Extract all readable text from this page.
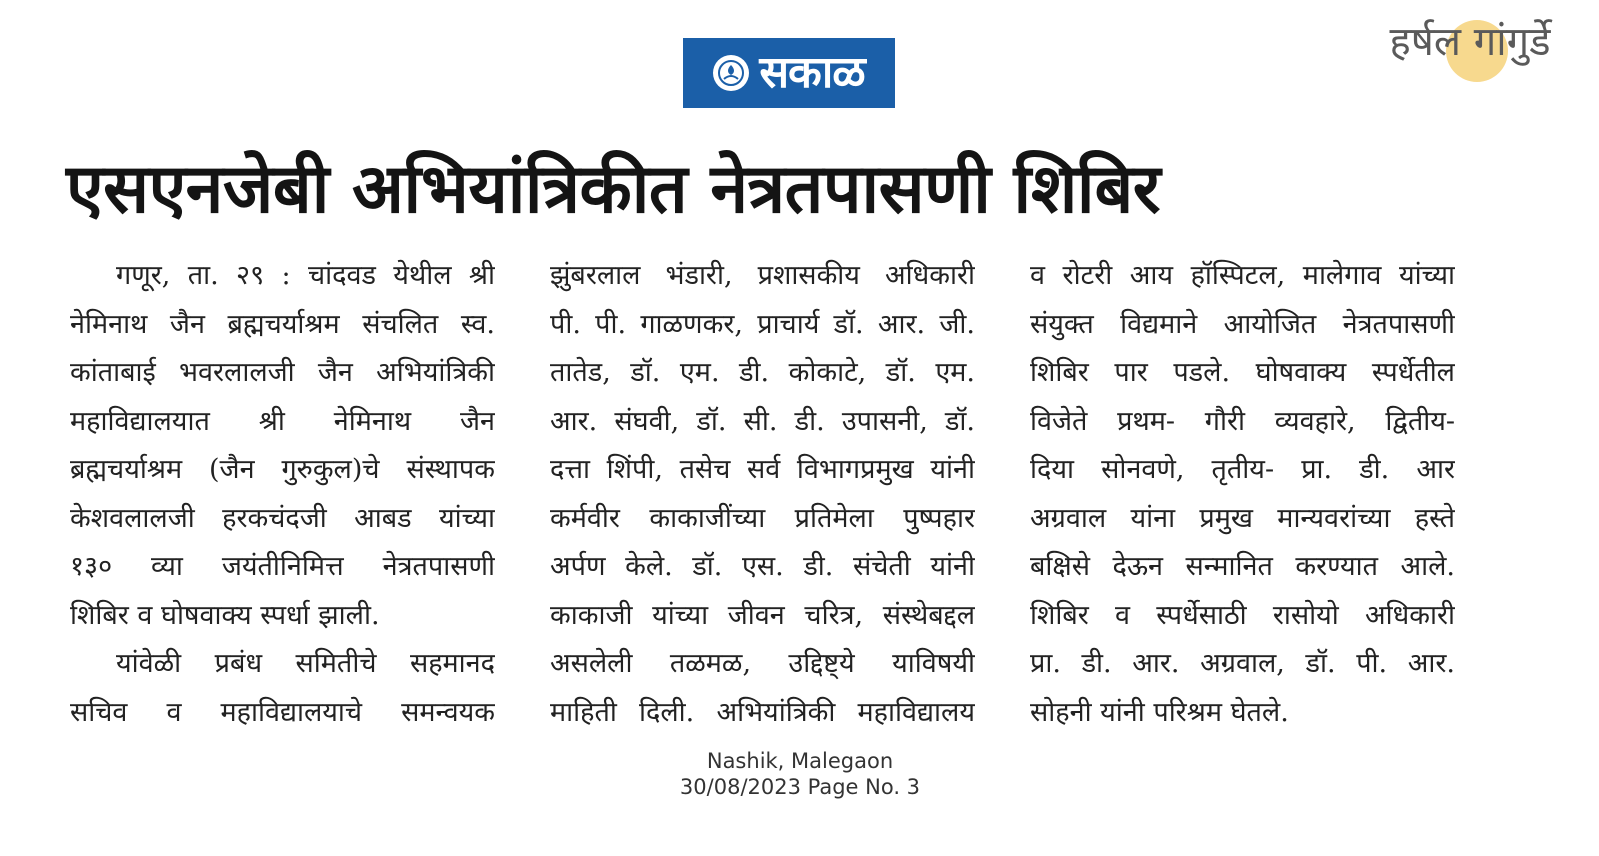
सकाळ
हर्षल गांगुर्डे
एसएनजेबी अभियांत्रिकीत नेत्रतपासणी शिबिर
गणूर, ता. २९ : चांदवड येथील श्री
नेमिनाथ जैन ब्रह्मचर्याश्रम संचलित स्व.
कांताबाई भवरलालजी जैन अभियांत्रिकी
महाविद्यालयात श्री नेमिनाथ जैन
ब्रह्मचर्याश्रम (जैन गुरुकुल)चे संस्थापक
केशवलालजी हरकचंदजी आबड यांच्या
१३० व्या जयंतीनिमित्त नेत्रतपासणी
शिबिर व घोषवाक्य स्पर्धा झाली.
यांवेळी प्रबंध समितीचे सहमानद
सचिव व महाविद्यालयाचे समन्वयक
झुंबरलाल भंडारी, प्रशासकीय अधिकारी
पी. पी. गाळणकर, प्राचार्य डॉ. आर. जी.
तातेड, डॉ. एम. डी. कोकाटे, डॉ. एम.
आर. संघवी, डॉ. सी. डी. उपासनी, डॉ.
दत्ता शिंपी, तसेच सर्व विभागप्रमुख यांनी
कर्मवीर काकाजींच्या प्रतिमेला पुष्पहार
अर्पण केले. डॉ. एस. डी. संचेती यांनी
काकाजी यांच्या जीवन चरित्र, संस्थेबद्दल
असलेली तळमळ, उद्दिष्ट्ये याविषयी
माहिती दिली. अभियांत्रिकी महाविद्यालय
व रोटरी आय हॉस्पिटल, मालेगाव यांच्या
संयुक्त विद्यमाने आयोजित नेत्रतपासणी
शिबिर पार पडले. घोषवाक्य स्पर्धेतील
विजेते प्रथम- गौरी व्यवहारे, द्वितीय-
दिया सोनवणे, तृतीय- प्रा. डी. आर
अग्रवाल यांना प्रमुख मान्यवरांच्या हस्ते
बक्षिसे देऊन सन्मानित करण्यात आले.
शिबिर व स्पर्धेसाठी रासोयो अधिकारी
प्रा. डी. आर. अग्रवाल, डॉ. पी. आर.
सोहनी यांनी परिश्रम घेतले.
Nashik, Malegaon
30/08/2023 Page No. 3
